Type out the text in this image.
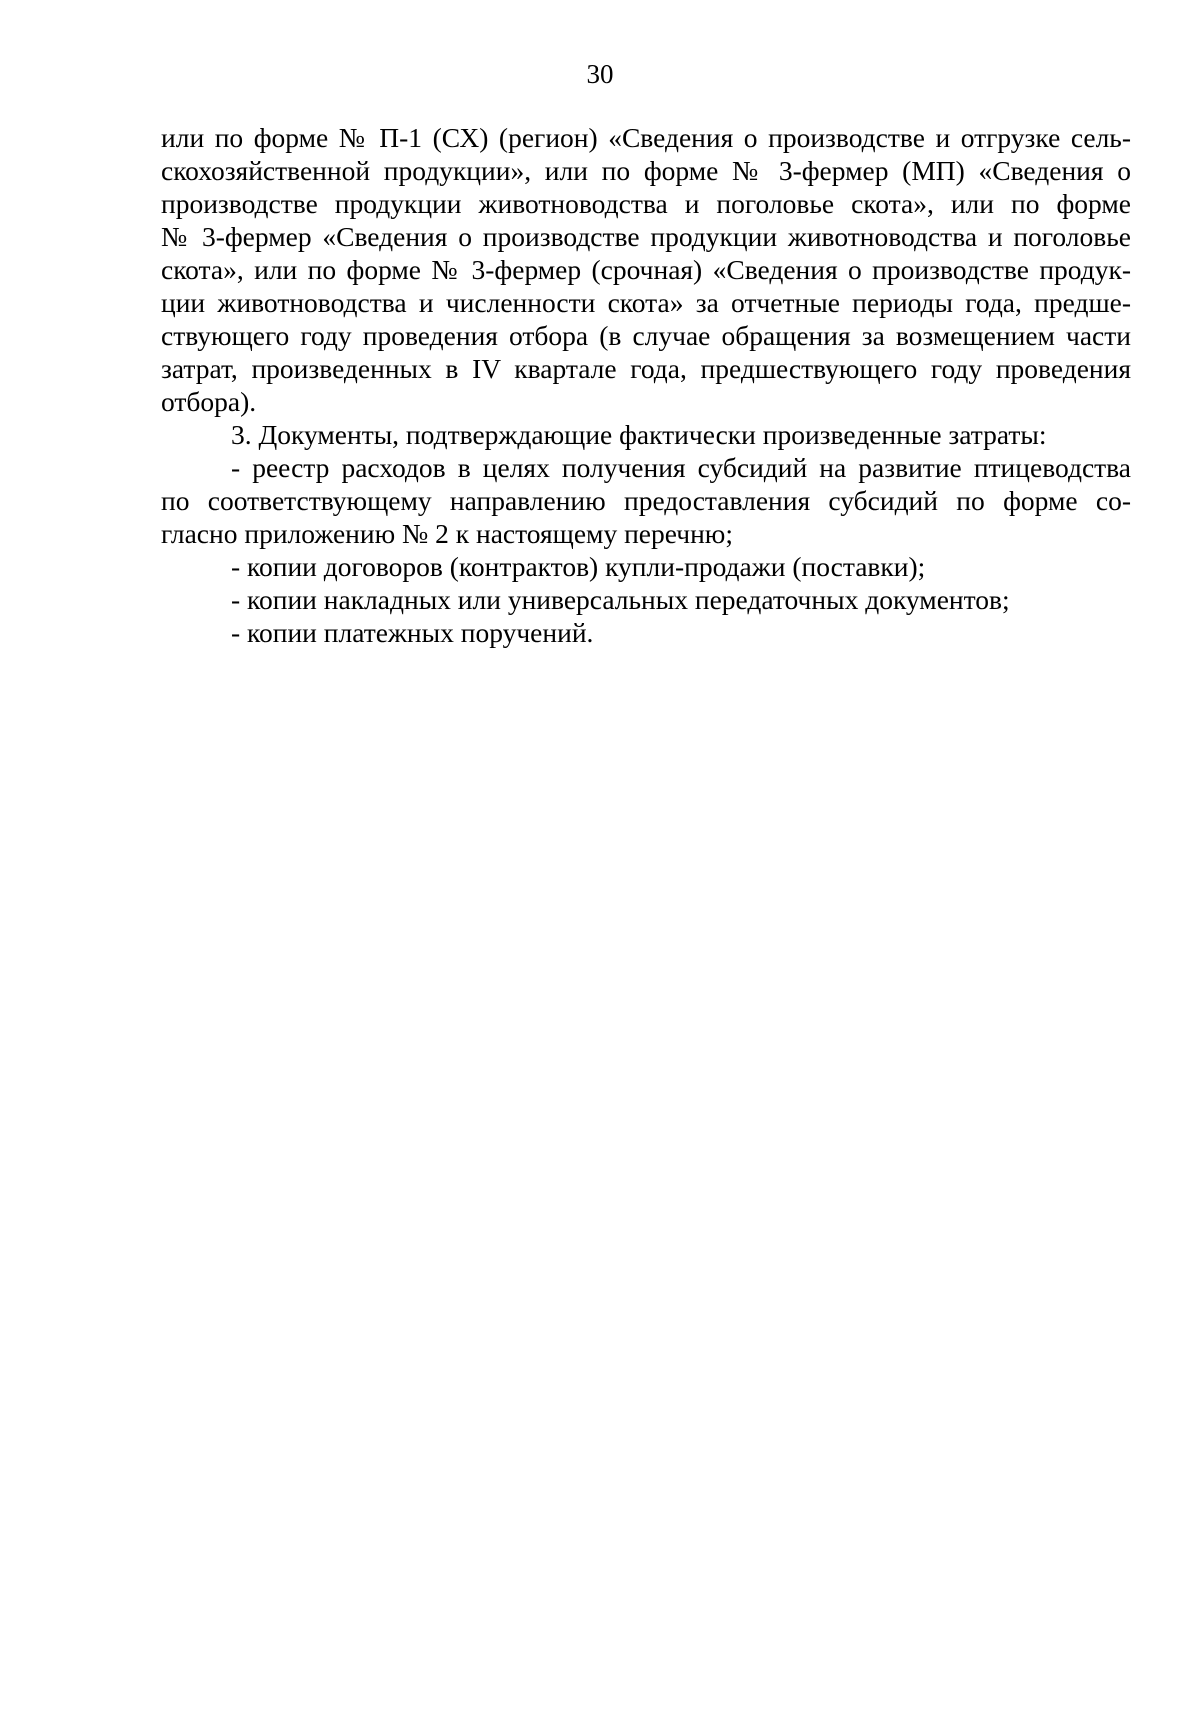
30
или по форме № П-1 (СХ) (регион) «Сведения о производстве и отгрузке сель-
скохозяйственной продукции», или по форме № 3-фермер (МП) «Сведения о
производстве продукции животноводства и поголовье скота», или по форме
№ 3-фермер «Сведения о производстве продукции животноводства и поголовье
скота», или по форме № 3-фермер (срочная) «Сведения о производстве продук-
ции животноводства и численности скота» за отчетные периоды года, предше-
ствующего году проведения отбора (в случае обращения за возмещением части
затрат, произведенных в IV квартале года, предшествующего году проведения
отбора).
3. Документы, подтверждающие фактически произведенные затраты:
- реестр расходов в целях получения субсидий на развитие птицеводства
по соответствующему направлению предоставления субсидий по форме со-
гласно приложению № 2 к настоящему перечню;
- копии договоров (контрактов) купли-продажи (поставки);
- копии накладных или универсальных передаточных документов;
- копии платежных поручений.
